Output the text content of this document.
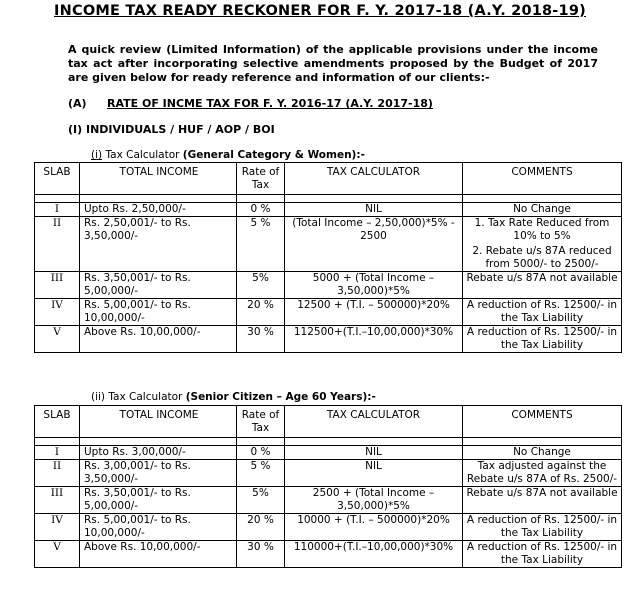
INCOME TAX READY RECKONER FOR F. Y. 2017-18 (A.Y. 2018-19)
A quick review (Limited Information) of the applicable provisions under the income tax act after incorporating selective amendments proposed by the Budget of 2017 are given below for ready reference and information of our clients:-
(A) RATE OF INCME TAX FOR F. Y. 2016-17 (A.Y. 2017-18)
(I) INDIVIDUALS / HUF / AOP / BOI
(i) Tax Calculator (General Category & Women):-
SLAB	TOTAL INCOME	Rate of Tax	TAX CALCULATOR	COMMENTS

I	Upto Rs. 2,50,000/-	0 %	NIL	No Change

II	Rs. 2,50,001/- to Rs. 3,50,000/-	5 %	(Total Income – 2,50,000)*5% - 2500	1. Tax Rate Reduced from 10% to 5%
2. Rebate u/s 87A reduced from 5000/- to 2500/-

III	Rs. 3,50,001/- to Rs. 5,00,000/-	5%	5000 + (Total Income – 3,50,000)*5%	Rebate u/s 87A not available

IV	Rs. 5,00,001/- to Rs. 10,00,000/-	20 %	12500 + (T.I. – 500000)*20%	A reduction of Rs. 12500/- in the Tax Liability

V	Above Rs. 10,00,000/-	30 %	112500+(T.I.–10,00,000)*30%	A reduction of Rs. 12500/- in the Tax Liability
(ii) Tax Calculator (Senior Citizen – Age 60 Years):-
SLAB	TOTAL INCOME	Rate of Tax	TAX CALCULATOR	COMMENTS

I	Upto Rs. 3,00,000/-	0 %	NIL	No Change

II	Rs. 3,00,001/- to Rs. 3,50,000/-	5 %	NIL	Tax adjusted against the Rebate u/s 87A of Rs. 2500/-

III	Rs. 3,50,001/- to Rs. 5,00,000/-	5%	2500 + (Total Income – 3,50,000)*5%	Rebate u/s 87A not available

IV	Rs. 5,00,001/- to Rs. 10,00,000/-	20 %	10000 + (T.I. – 500000)*20%	A reduction of Rs. 12500/- in the Tax Liability

V	Above Rs. 10,00,000/-	30 %	110000+(T.I.–10,00,000)*30%	A reduction of Rs. 12500/- in the Tax Liability
